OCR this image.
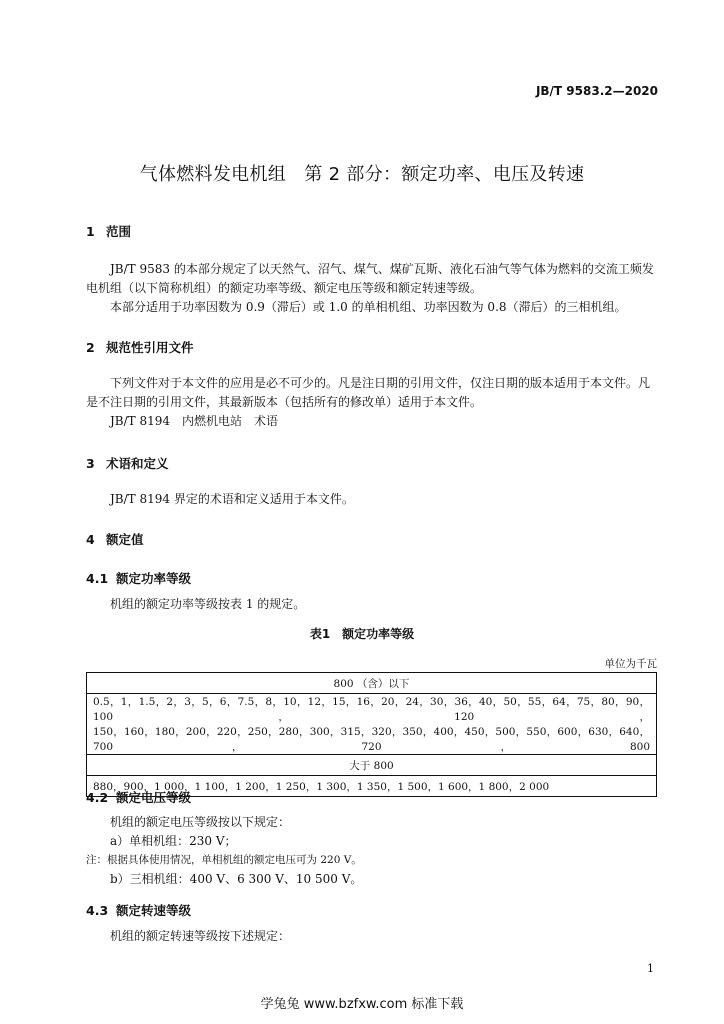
JB/T 9583.2—2020
气体燃料发电机组　第 2 部分：额定功率、电压及转速
1 范围
JB/T 9583 的本部分规定了以天然气、沼气、煤气、煤矿瓦斯、液化石油气等气体为燃料的交流工频发电机组（以下简称机组）的额定功率等级、额定电压等级和额定转速等级。
本部分适用于功率因数为 0.9（滞后）或 1.0 的单相机组、功率因数为 0.8（滞后）的三相机组。
2 规范性引用文件
下列文件对于本文件的应用是必不可少的。凡是注日期的引用文件，仅注日期的版本适用于本文件。凡是不注日期的引用文件，其最新版本（包括所有的修改单）适用于本文件。
JB/T 8194　内燃机电站　术语
3 术语和定义
JB/T 8194 界定的术语和定义适用于本文件。
4 额定值
4.1 额定功率等级
机组的额定功率等级按表 1 的规定。
表1　额定功率等级
单位为千瓦
800 （含）以下
0.5，1，1.5，2，3，5，6，7.5，8，10，12，15，16，20，24，30，36，40，50，55，64，75，80，90，100，120，
150，160，180，200，220，250，280，300，315，320，350，400，450，500，550，600，630，640，700，720，800
大于 800
880，900，1 000，1 100，1 200，1 250，1 300，1 350，1 500，1 600，1 800，2 000
4.2 额定电压等级
机组的额定电压等级按以下规定：
a）单相机组：230 V；
注：根据具体使用情况，单相机组的额定电压可为 220 V。
b）三相机组：400 V、6 300 V、10 500 V。
4.3 额定转速等级
机组的额定转速等级按下述规定：
1
学兔兔 www.bzfxw.com 标准下载
